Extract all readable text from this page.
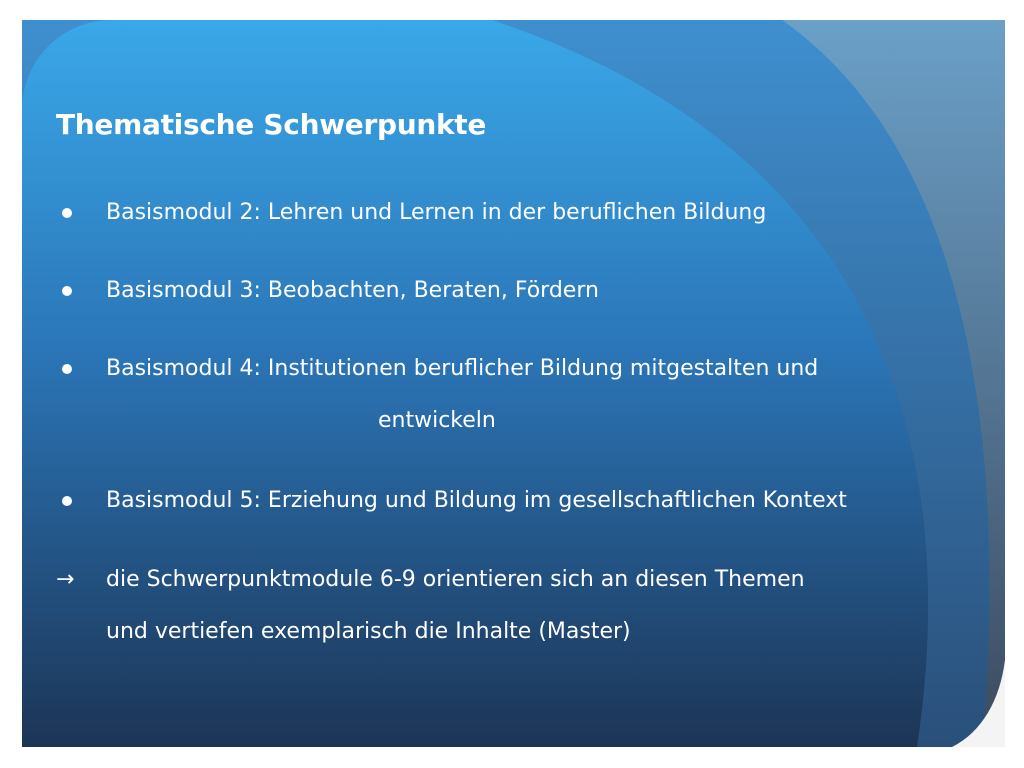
Thematische Schwerpunkte
Basismodul 2: Lehren und Lernen in der beruflichen Bildung
Basismodul 3: Beobachten, Beraten, Fördern
Basismodul 4: Institutionen beruflicher Bildung mitgestalten und
entwickeln
Basismodul 5: Erziehung und Bildung im gesellschaftlichen Kontext
→	die Schwerpunktmodule 6-9 orientieren sich an diesen Themen
und vertiefen exemplarisch die Inhalte (Master)
